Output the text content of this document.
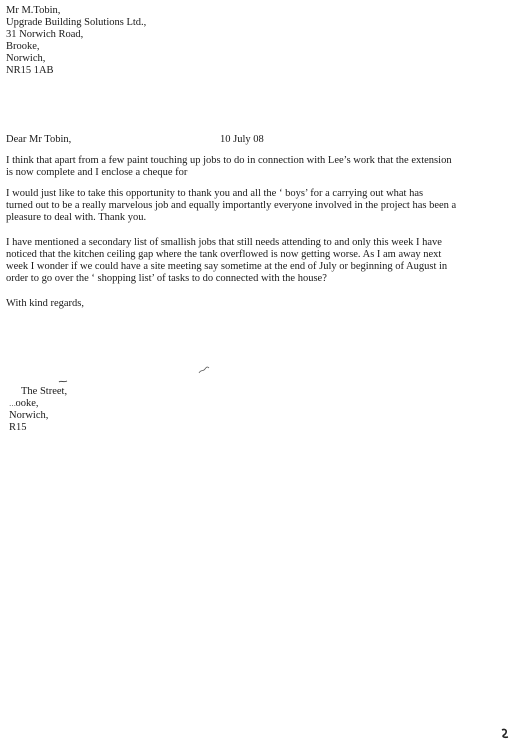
Mr M.Tobin,
Upgrade Building Solutions Ltd.,
31 Norwich Road,
Brooke,
Norwich,
NR15 1AB
Dear Mr Tobin,	10 July 08
I think that apart from a few paint touching up jobs to do in connection with Lee’s work that the extension
is now complete and I enclose a cheque for
I would just like to take this opportunity to thank you and all the ‘ boys’ for a carrying out what has
turned out to be a really marvelous job and equally importantly everyone involved in the project has been a
pleasure to deal with. Thank you.
I have mentioned a secondary list of smallish jobs that still needs attending to and only this week I have
noticed that the kitchen ceiling gap where the tank overflowed is now getting worse. As I am away next
week I wonder if we could have a site meeting say sometime at the end of July or beginning of August in
order to go over the ‘ shopping list’ of tasks to do connected with the house?
With kind regards,
The Street,
…ooke,
Norwich,
R15
